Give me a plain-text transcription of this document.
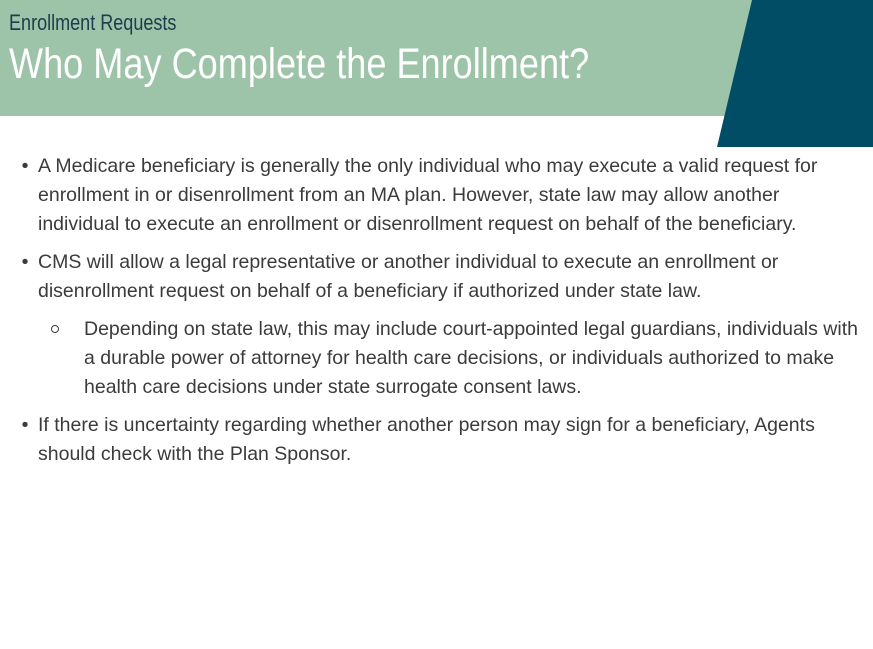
Enrollment Requests
Who May Complete the Enrollment?
• A Medicare beneficiary is generally the only individual who may execute a valid request for enrollment in or disenrollment from an MA plan. However, state law may allow another individual to execute an enrollment or disenrollment request on behalf of the beneficiary.
• CMS will allow a legal representative or another individual to execute an enrollment or disenrollment request on behalf of a beneficiary if authorized under state law.
Depending on state law, this may include court-appointed legal guardians, individuals with a durable power of attorney for health care decisions, or individuals authorized to make health care decisions under state surrogate consent laws.
• If there is uncertainty regarding whether another person may sign for a beneficiary, Agents should check with the Plan Sponsor.
